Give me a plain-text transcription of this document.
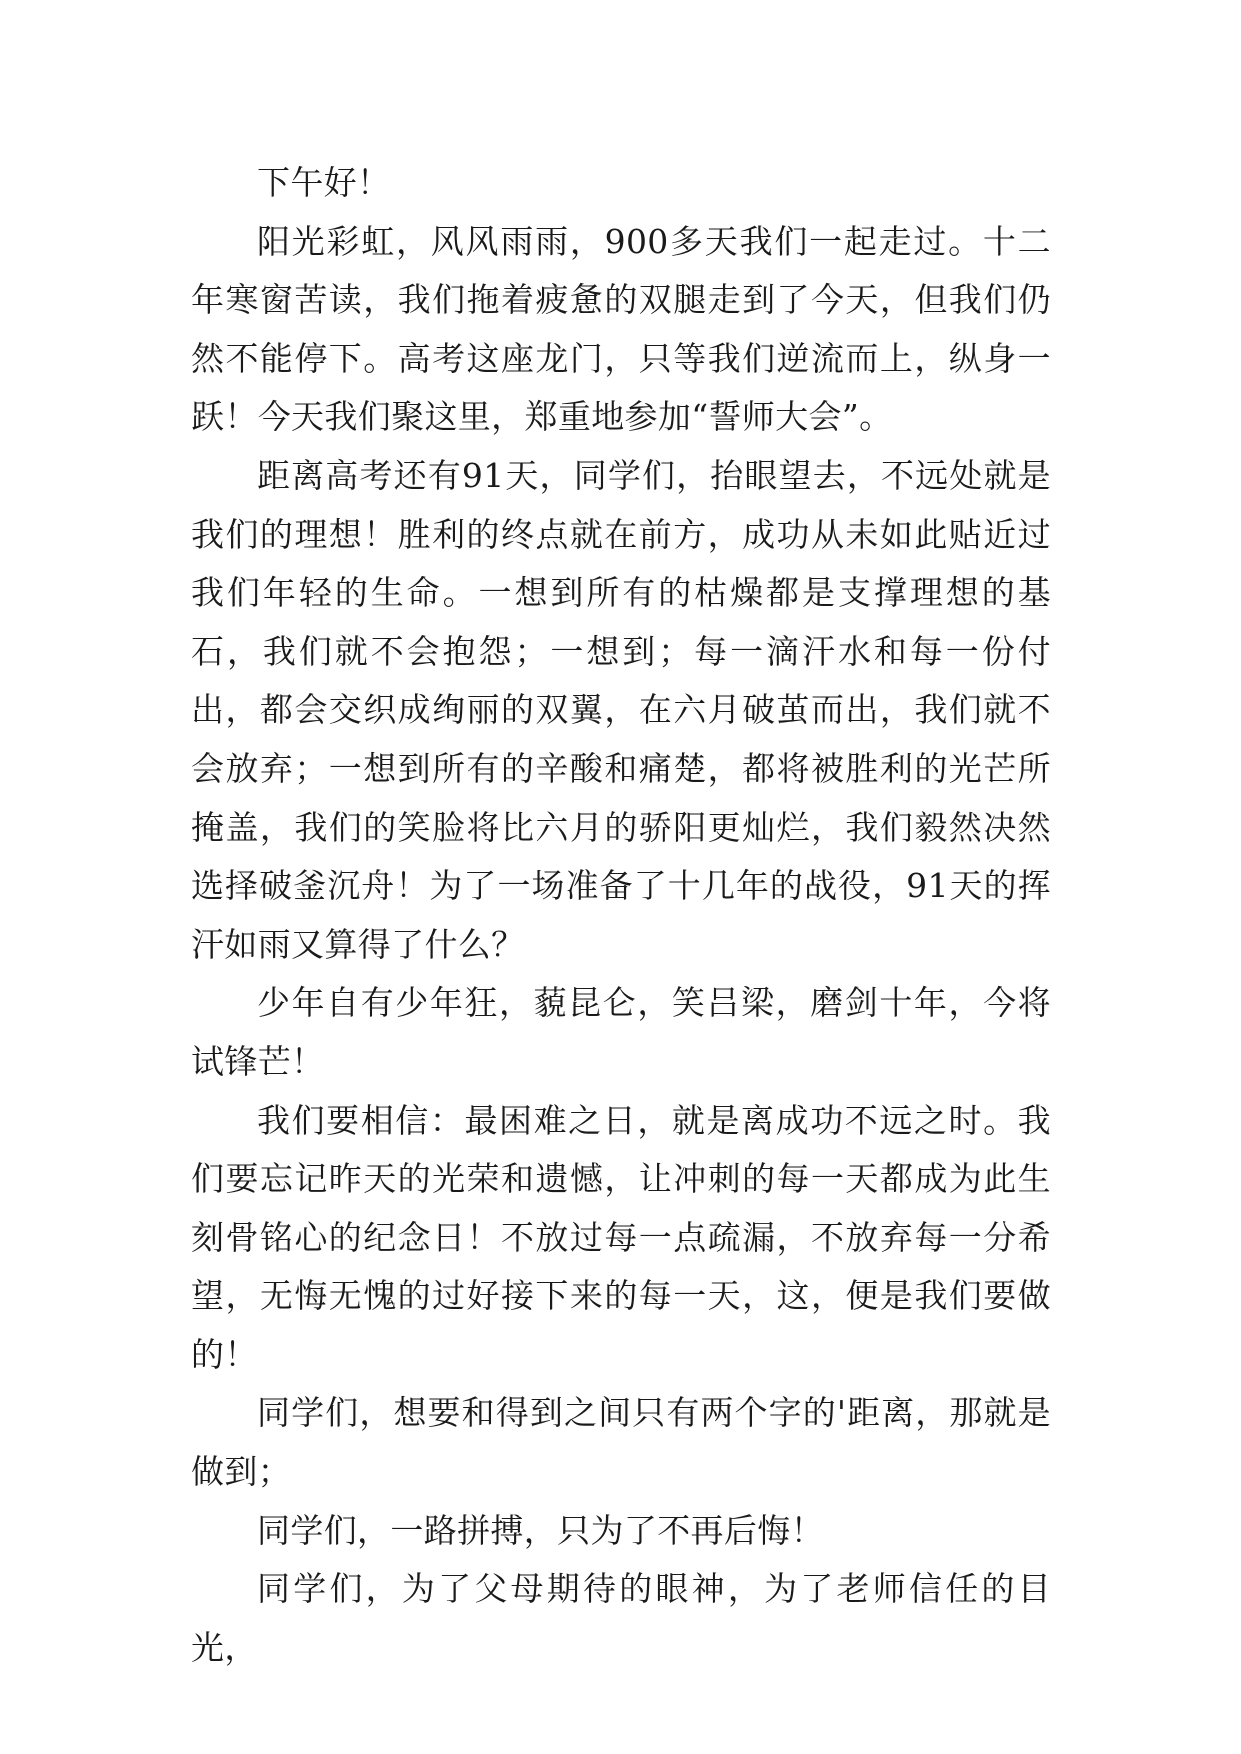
下午好！

阳光彩虹，风风雨雨，900多天我们一起走过。十二年寒窗苦读，我们拖着疲惫的双腿走到了今天，但我们仍然不能停下。高考这座龙门，只等我们逆流而上，纵身一跃！今天我们聚这里，郑重地参加“誓师大会”。

距离高考还有91天，同学们，抬眼望去，不远处就是我们的理想！胜利的终点就在前方，成功从未如此贴近过我们年轻的生命。一想到所有的枯燥都是支撑理想的基石，我们就不会抱怨；一想到；每一滴汗水和每一份付出，都会交织成绚丽的双翼，在六月破茧而出，我们就不会放弃；一想到所有的辛酸和痛楚，都将被胜利的光芒所掩盖，我们的笑脸将比六月的骄阳更灿烂，我们毅然决然选择破釜沉舟！为了一场准备了十几年的战役，91天的挥汗如雨又算得了什么？

少年自有少年狂，藐昆仑，笑吕梁，磨剑十年，今将试锋芒！

我们要相信：最困难之日，就是离成功不远之时。我们要忘记昨天的光荣和遗憾，让冲刺的每一天都成为此生刻骨铭心的纪念日！不放过每一点疏漏，不放弃每一分希望，无悔无愧的过好接下来的每一天，这，便是我们要做的！

同学们，想要和得到之间只有两个字的'距离，那就是做到；

同学们，一路拼搏，只为了不再后悔！

同学们，为了父母期待的眼神，为了老师信任的目光，
